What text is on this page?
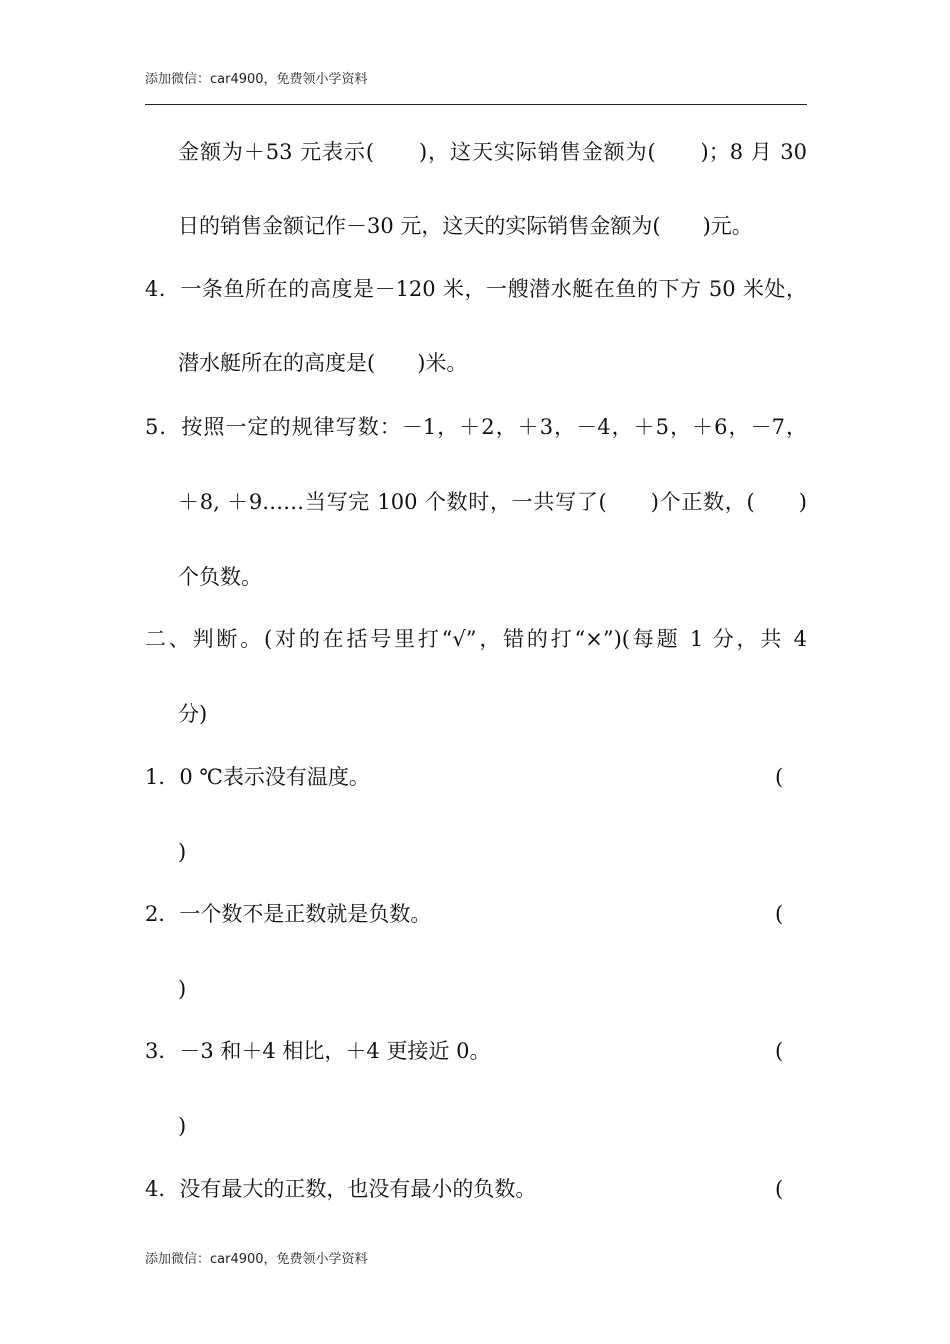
添加微信：car4900，免费领小学资料
金额为＋53 元表示(　　)，这天实际销售金额为(　　)；8 月 30
日的销售金额记作－30 元，这天的实际销售金额为(　　)元。
4．一条鱼所在的高度是－120 米，一艘潜水艇在鱼的下方 50 米处，
潜水艇所在的高度是(　　)米。
5．按照一定的规律写数：－1，＋2，＋3，－4，＋5，＋6，－7，
＋8, ＋9……当写完 100 个数时，一共写了(　　)个正数，(　　)
个负数。
二、判断。(对的在括号里打“√”，错的打“×”)(每题 1 分，共 4
分)
1．0 ℃表示没有温度。	(
)
2．一个数不是正数就是负数。	(
)
3．－3 和＋4 相比，＋4 更接近 0。	(
)
4．没有最大的正数，也没有最小的负数。	(
添加微信：car4900，免费领小学资料
